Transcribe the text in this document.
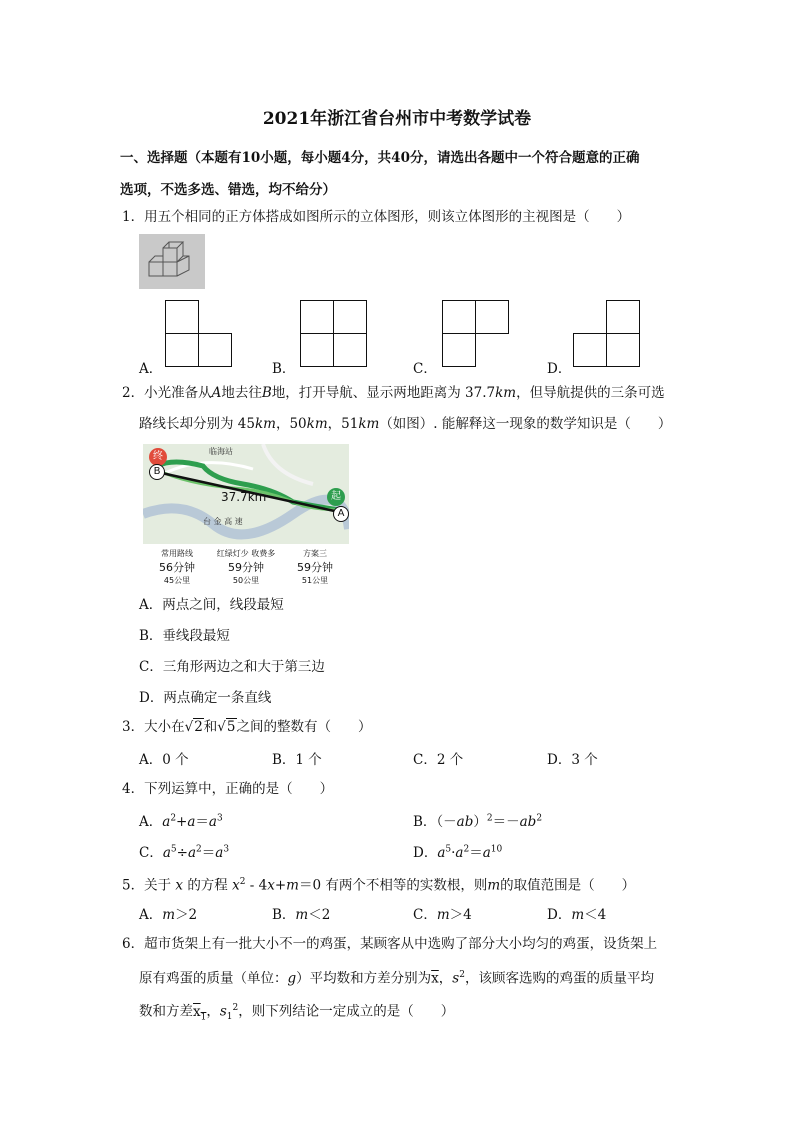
2021年浙江省台州市中考数学试卷
一、选择题（本题有10小题，每小题4分，共40分，请选出各题中一个符合题意的正确
选项，不选多选、错选，均不给分）
1．用五个相同的正方体搭成如图所示的立体图形，则该立体图形的主视图是（　　）
A．	B．	C．	D．
2．小光准备从A地去往B地，打开导航、显示两地距离为 37.7km，但导航提供的三条可选
路线长却分别为 45km，50km，51km（如图）. 能解释这一现象的数学知识是（　　）
终
B
起
A
37.7km
临海站
台 金 高 速
常用路线
56分钟
45公里
红绿灯少 收费多
59分钟
50公里
方案三
59分钟
51公里
A．两点之间，线段最短
B．垂线段最短
C．三角形两边之和大于第三边
D．两点确定一条直线
3．大小在√2和√5之间的整数有（　　）
A．0 个	B．1 个	C．2 个	D．3 个
4．下列运算中，正确的是（　　）
A．$a^2+a=a^3$	B．$(-ab)^2=-ab^2$
C．$a^5\div a^2=a^3$	D．$a^5\cdot a^2=a^{10}$
5．关于 x 的方程 $x^2 - 4x+m=0$ 有两个不相等的实数根，则m的取值范围是（　　）
A．m＞2	B．m＜2	C．m＞4	D．m＜4
6．超市货架上有一批大小不一的鸡蛋，某顾客从中选购了部分大小均匀的鸡蛋，设货架上
原有鸡蛋的质量（单位：g）平均数和方差分别为$\overline{x}$，$s^2$，该顾客选购的鸡蛋的质量平均
数和方差$x_1$，$s_1^2$，则下列结论一定成立的是（　　）
